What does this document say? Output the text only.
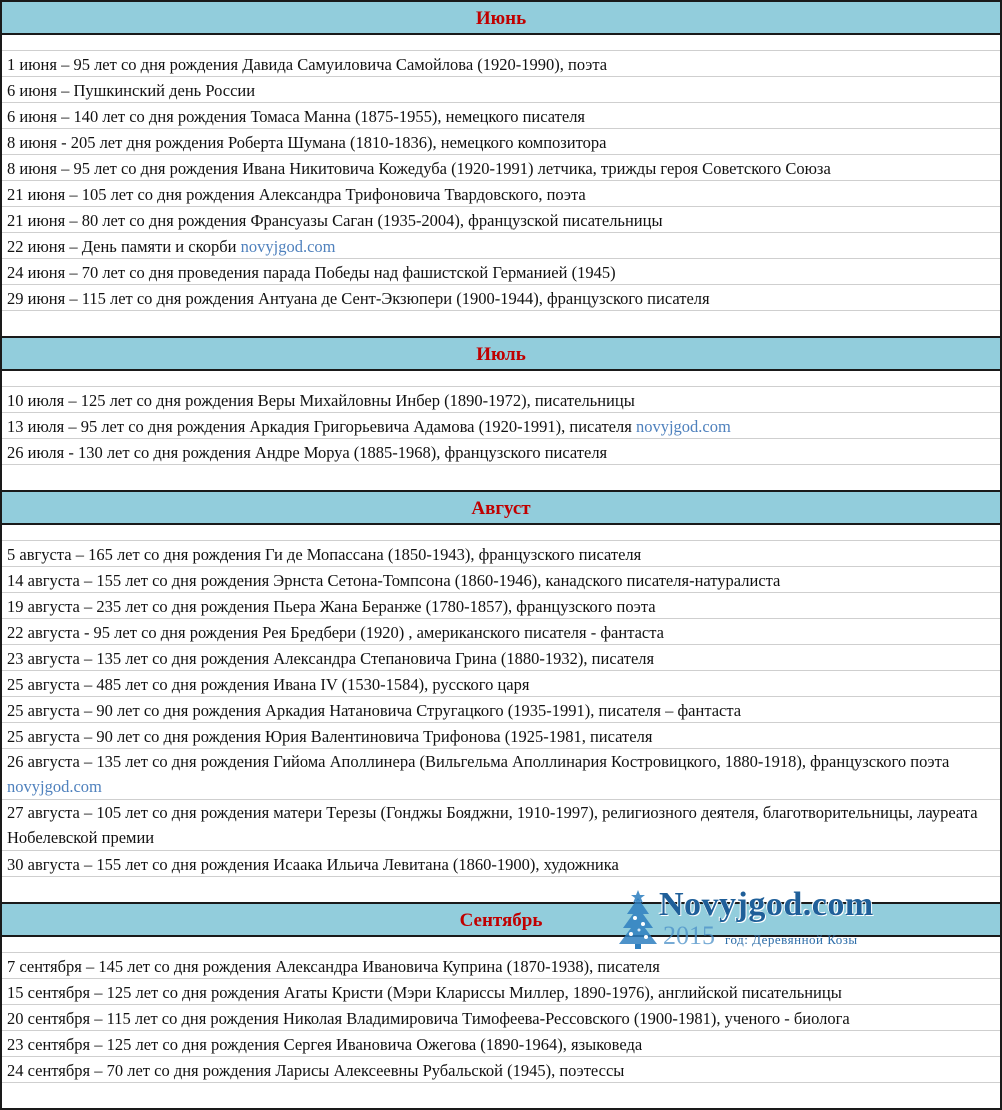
Июнь
1 июня – 95 лет со дня рождения Давида Самуиловича Самойлова (1920-1990), поэта
6 июня – Пушкинский день России
6 июня – 140 лет со дня рождения Томаса Манна (1875-1955), немецкого писателя
8 июня - 205 лет дня рождения Роберта Шумана (1810-1836), немецкого композитора
8 июня – 95 лет со дня рождения Ивана Никитовича Кожедуба (1920-1991) летчика, трижды героя Советского Союза
21 июня – 105 лет со дня рождения Александра Трифоновича Твардовского, поэта
21 июня – 80 лет со дня рождения Франсуазы Саган (1935-2004), французской писательницы
22 июня – День памяти и скорби novyjgod.com
24 июня – 70 лет со дня проведения парада Победы над фашистской Германией (1945)
29 июня – 115 лет со дня рождения Антуана де Сент-Экзюпери (1900-1944), французского писателя
Июль
10 июля – 125 лет со дня рождения Веры Михайловны Инбер (1890-1972), писательницы
13 июля – 95 лет со дня рождения Аркадия Григорьевича Адамова (1920-1991), писателя novyjgod.com
26 июля - 130 лет со дня рождения Андре Моруа (1885-1968), французского писателя
Август
5 августа – 165 лет со дня рождения Ги де Мопассана (1850-1943), французского писателя
14 августа – 155 лет со дня рождения Эрнста Сетона-Томпсона (1860-1946), канадского писателя-натуралиста
19 августа – 235 лет со дня рождения Пьера Жана Беранже (1780-1857), французского поэта
22 августа - 95 лет со дня рождения Рея Бредбери (1920) , американского писателя - фантаста
23 августа – 135 лет со дня рождения Александра Степановича Грина (1880-1932), писателя
25 августа – 485 лет со дня рождения Ивана IV (1530-1584), русского царя
25 августа – 90 лет со дня рождения Аркадия Натановича Стругацкого (1935-1991), писателя – фантаста
25 августа – 90 лет со дня рождения Юрия Валентиновича Трифонова (1925-1981, писателя
26 августа – 135 лет со дня рождения Гийома Аполлинера (Вильгельма Аполлинария Костровицкого, 1880-1918), французского поэта novyjgod.com
27 августа – 105 лет со дня рождения матери Терезы (Гонджы Бояджни, 1910-1997), религиозного деятеля, благотворительницы, лауреата Нобелевской премии
30 августа – 155 лет со дня рождения Исаака Ильича Левитана (1860-1900), художника
Сентябрь
7 сентября – 145 лет со дня рождения Александра Ивановича Куприна (1870-1938), писателя
15 сентября – 125 лет со дня рождения Агаты Кристи (Мэри Клариссы Миллер, 1890-1976), английской писательницы
20 сентября – 115 лет со дня рождения Николая Владимировича Тимофеева-Рессовского (1900-1981), ученого - биолога
23 сентября – 125 лет со дня рождения Сергея Ивановича Ожегова (1890-1964), языковеда
24 сентября – 70 лет со дня рождения Ларисы Алексеевны Рубальской (1945), поэтессы
Novyjgod.com
2015 год: Деревянной Козы
